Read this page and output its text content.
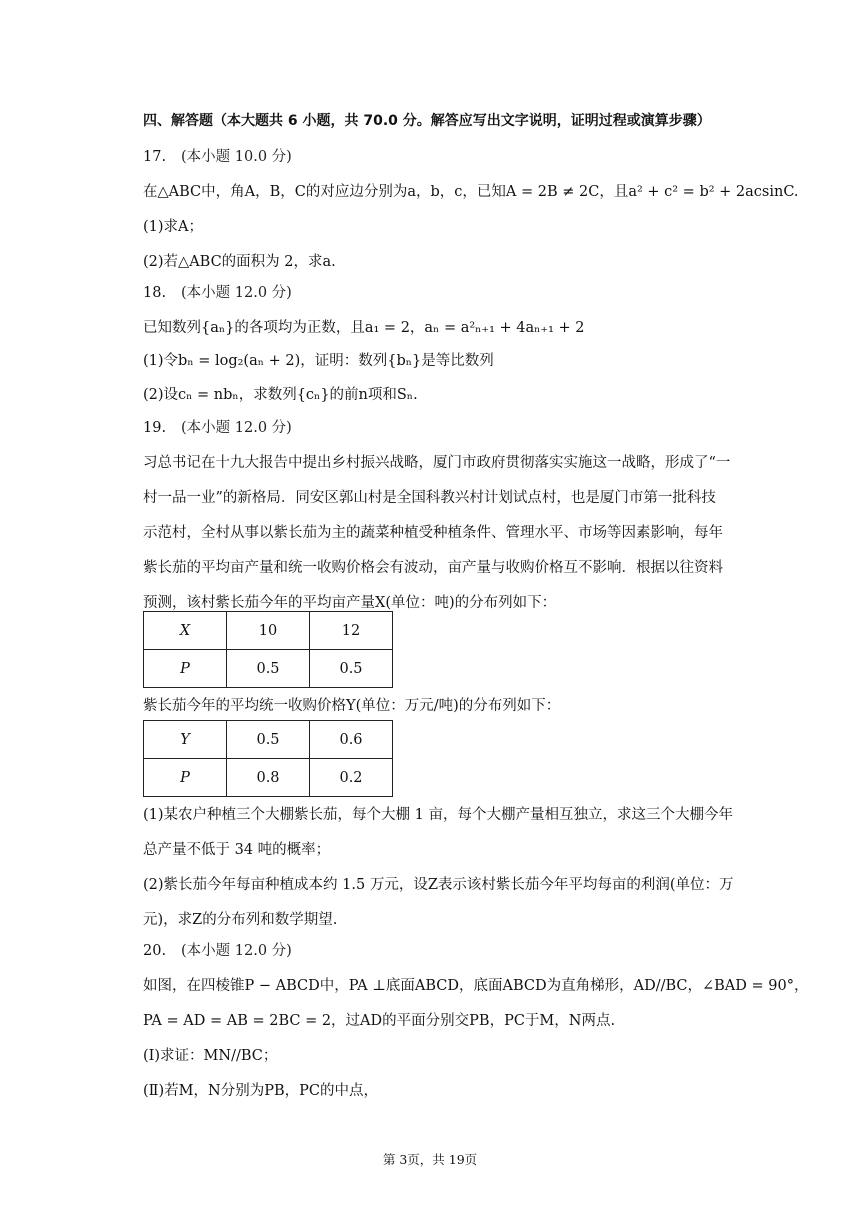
四、解答题（本大题共 6 小题，共 70.0 分。解答应写出文字说明，证明过程或演算步骤）
17. (本小题 10.0 分)
在△ABC中，角A，B，C的对应边分别为a，b，c，已知A = 2B ≠ 2C，且a² + c² = b² + 2acsinC.
(1)求A；
(2)若△ABC的面积为 2，求a.
18. (本小题 12.0 分)
已知数列{aₙ}的各项均为正数，且a₁ = 2，aₙ = a²ₙ₊₁ + 4aₙ₊₁ + 2
(1)令bₙ = log₂(aₙ + 2)，证明：数列{bₙ}是等比数列
(2)设cₙ = nbₙ，求数列{cₙ}的前n项和Sₙ.
19. (本小题 12.0 分)
习总书记在十九大报告中提出乡村振兴战略，厦门市政府贯彻落实实施这一战略，形成了“一
村一品一业”的新格局．同安区郭山村是全国科教兴村计划试点村，也是厦门市第一批科技
示范村，全村从事以紫长茄为主的蔬菜种植受种植条件、管理水平、市场等因素影响，每年
紫长茄的平均亩产量和统一收购价格会有波动，亩产量与收购价格互不影响．根据以往资料
预测，该村紫长茄今年的平均亩产量X(单位：吨)的分布列如下：
X	10	12
P	0.5	0.5
紫长茄今年的平均统一收购价格Y(单位：万元/吨)的分布列如下：
Y	0.5	0.6
P	0.8	0.2
(1)某农户种植三个大棚紫长茄，每个大棚 1 亩，每个大棚产量相互独立，求这三个大棚今年
总产量不低于 34 吨的概率；
(2)紫长茄今年每亩种植成本约 1.5 万元，设Z表示该村紫长茄今年平均每亩的利润(单位：万
元)，求Z的分布列和数学期望.
20. (本小题 12.0 分)
如图，在四棱锥P − ABCD中，PA ⊥底面ABCD，底面ABCD为直角梯形，AD//BC，∠BAD = 90°，
PA = AD = AB = 2BC = 2，过AD的平面分别交PB，PC于M，N两点.
(Ⅰ)求证：MN//BC；
(Ⅱ)若M，N分别为PB，PC的中点，
第 3页，共 19页
